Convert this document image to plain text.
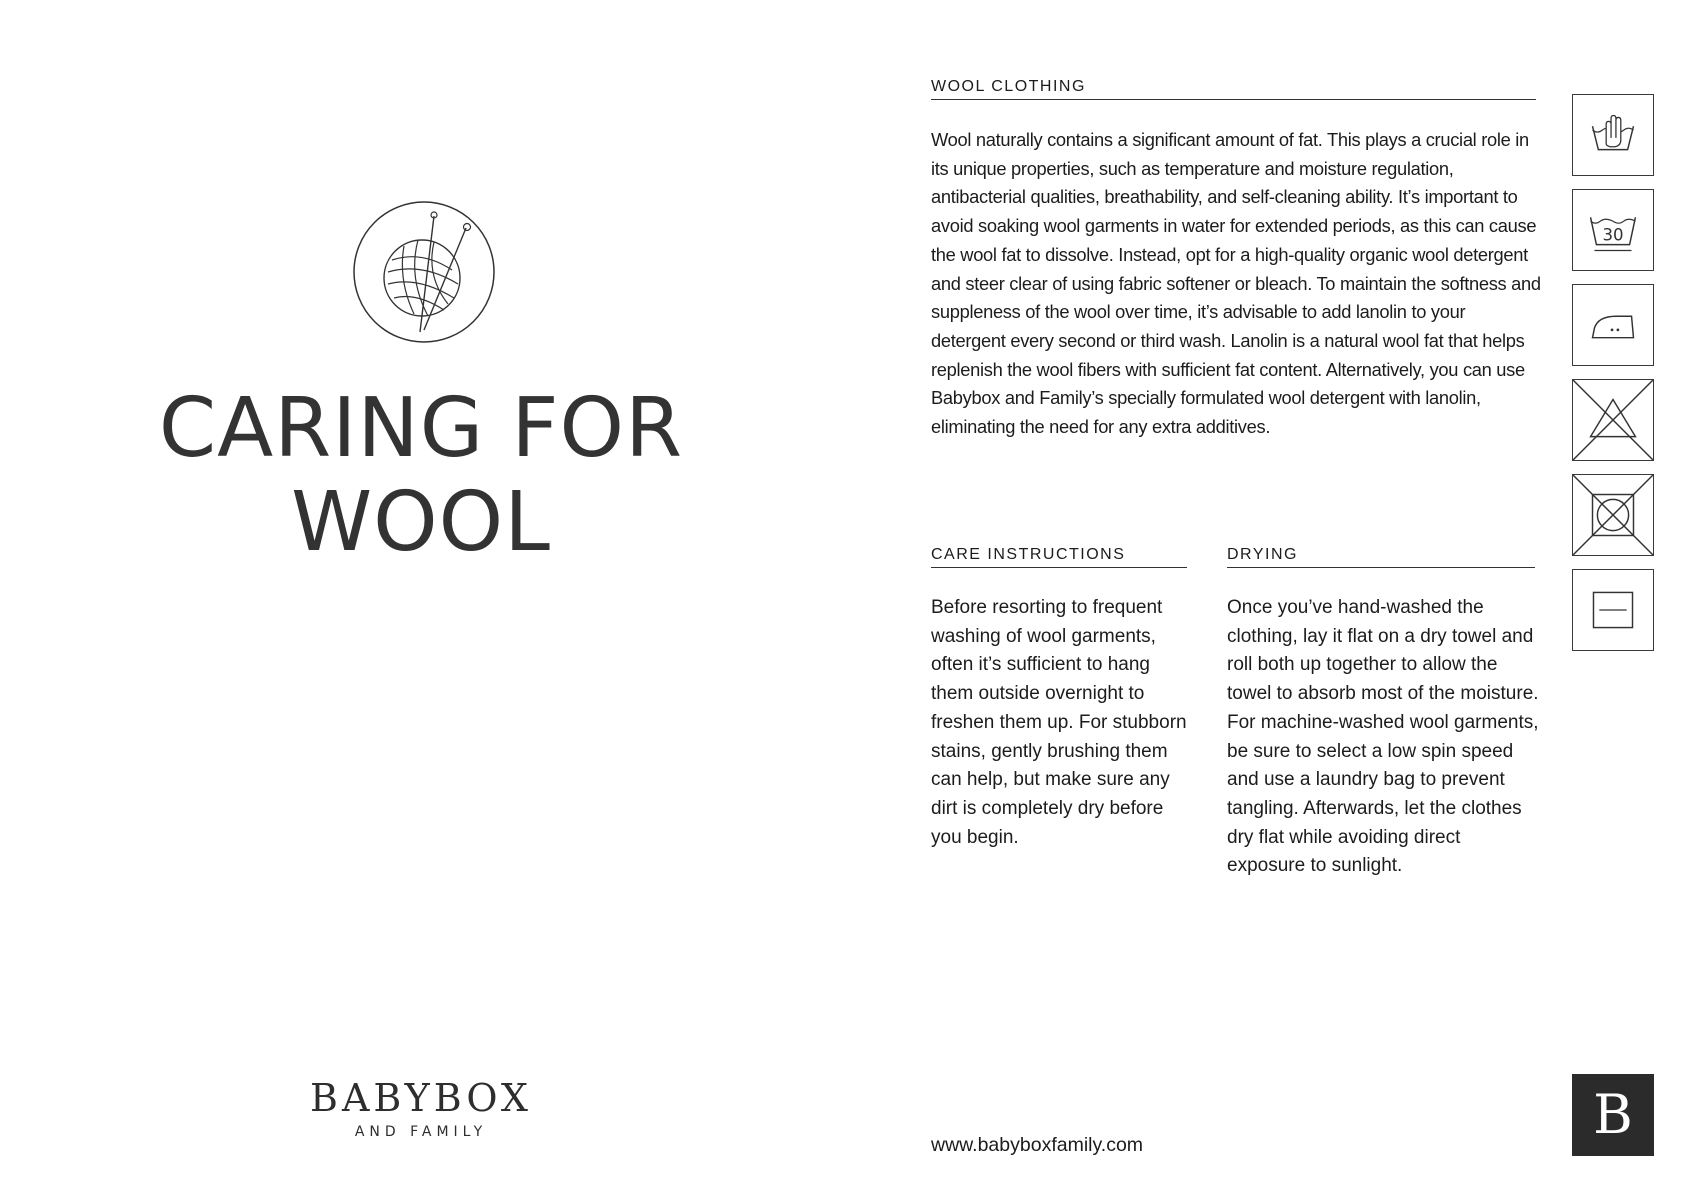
CARING FOR
WOOL
BABYBOX
AND FAMILY
WOOL CLOTHING

Wool naturally contains a significant amount of fat. This plays a crucial role in its unique properties, such as temperature and moisture regulation, antibacterial qualities, breathability, and self-cleaning ability. It’s important to avoid soaking wool garments in water for extended periods, as this can cause the wool fat to dissolve. Instead, opt for a high-quality organic wool detergent and steer clear of using fabric softener or bleach. To maintain the softness and suppleness of the wool over time, it’s advisable to add lanolin to your detergent every second or third wash. Lanolin is a natural wool fat that helps replenish the wool fibers with sufficient fat content. Alternatively, you can use Babybox and Family’s specially formulated wool detergent with lanolin, eliminating the need for any extra additives.

CARE INSTRUCTIONS

Before resorting to frequent washing of wool garments, often it’s sufficient to hang them outside overnight to freshen them up. For stubborn stains, gently brushing them can help, but make sure any dirt is completely dry before you begin.

DRYING

Once you’ve hand-washed the clothing, lay it flat on a dry towel and roll both up together to allow the towel to absorb most of the moisture. For machine-washed wool garments, be sure to select a low spin speed and use a laundry bag to prevent tangling. Afterwards, let the clothes dry flat while avoiding direct exposure to sunlight.

www.babyboxfamily.com
30
B
